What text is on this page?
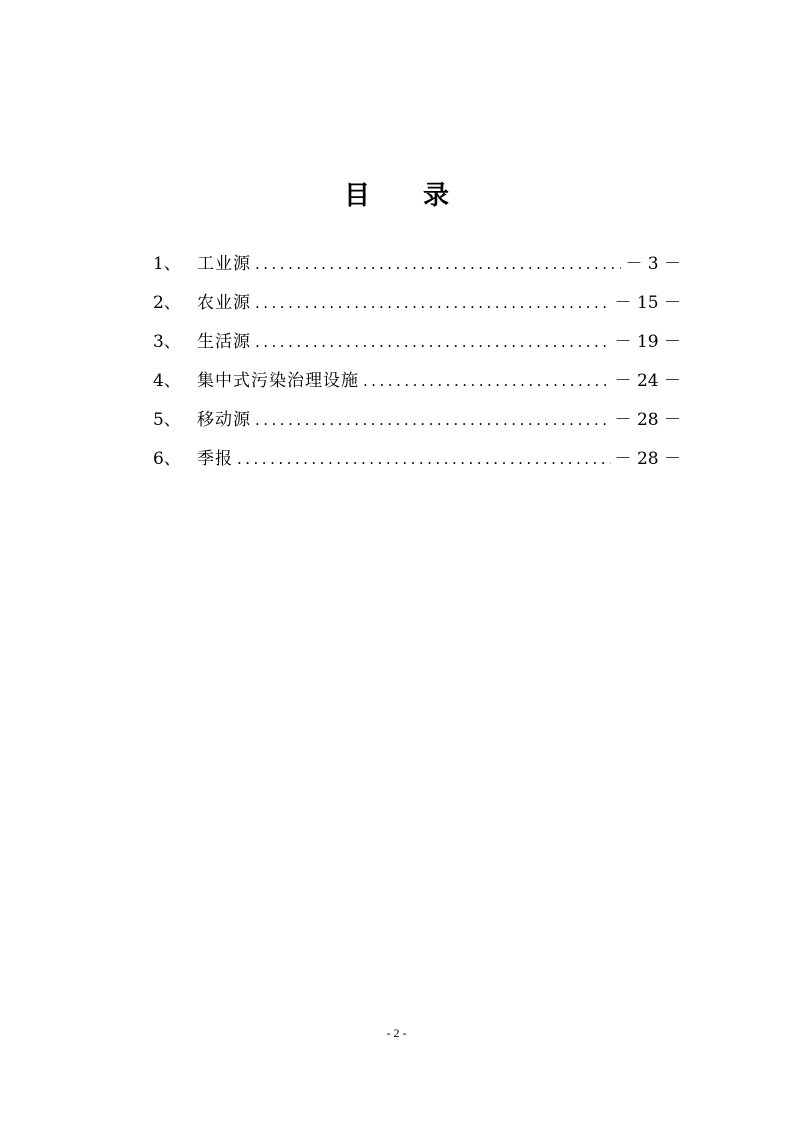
目 录
1、 工业源 .....	－ 3 －
2、 农业源 .....	－ 15 －
3、 生活源 .....	－ 19 －
4、 集中式污染治理设施 .....	－ 24 －
5、 移动源 .....	－ 28 －
6、 季报 .....	－ 28 －
- 2 -
